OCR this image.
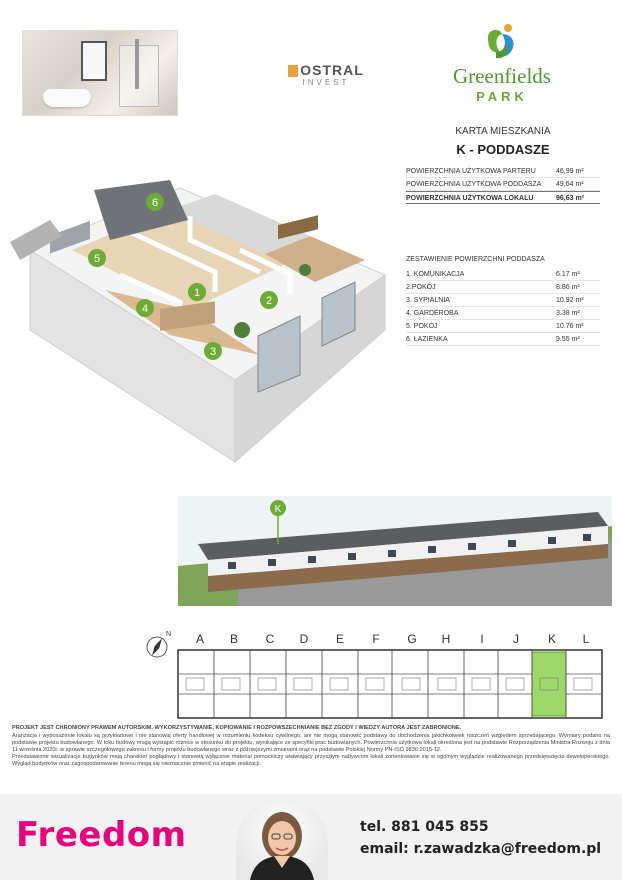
OSTRAL
INVEST	Greenfields
PARK
KARTA MIESZKANIA
K - PODDASZE
POWIERZCHNIA UŻYTKOWA PARTERU	46,99 m²
POWIERZCHNIA UŻYTKOWA PODDASZA 49,64 m²
POWIERZCHNIA UŻYTKOWA LOKALU	96,63 m²
ZESTAWIENIE POWIERZCHNI PODDASZA
1. KOMUNIKACJA	6.17 m²
2.POKÓJ	8.86 m²
3. SYPIALNIA	10.92 m²
4. GARDEROBA	3.38 m²
5. POKÓJ	10.76 m²
6. ŁAZIENKA	9.55 m²
6
5
1
4
2
3
K
N	A	B	C	D	E	F	G	H	I	J	K	L

PROJEKT JEST CHRONIONY PRAWEM AUTORSKIM. WYKORZYSTYWANIE, KOPIOWANIE I ROZPOWSZECHNIANIE BEZ ZGODY I WIEDZY AUTORA JEST ZABRONIONE.

Aranżacja i wyposażenie lokalu są przykładowe i nie stanowią oferty handlowej w rozumieniu kodeksu cywilnego, ani nie mogą stanowić podstawy do dochodzenia jakichkolwiek roszczeń względem sprzedającego. Wymiary podano na podstawie projektu budowlanego. W toku budowy mogą wystąpić różnice w stosunku do projektu, wynikające ze specyfiki prac budowlanych. Powierzchnia użytkowa lokali określona jest na podstawie Rozporządzenia Ministra Rozwoju z dnia 11 września 2020r. w sprawie szczegółowego zakresu i formy projektu budowlanego wraz z późniejszymi zmianami oraz na podstawie Polskiej Normy PN-ISO 9836:2015-12.

Przedstawione wizualizacje budynków mają charakter poglądowy i stanowią wyłącznie materiał pomocniczy ułatwiający przyszłym nabywcom lokali zorientowanie się w ogólnym wyglądzie realizowanego przedsięwzięcia deweloperskiego. Wygląd budynków oraz zagospodarowanie terenu mogą się nieznacznie zmienić na etapie realizacji.

Freedom	tel. 881 045 855
email: r.zawadzka@freedom.pl
